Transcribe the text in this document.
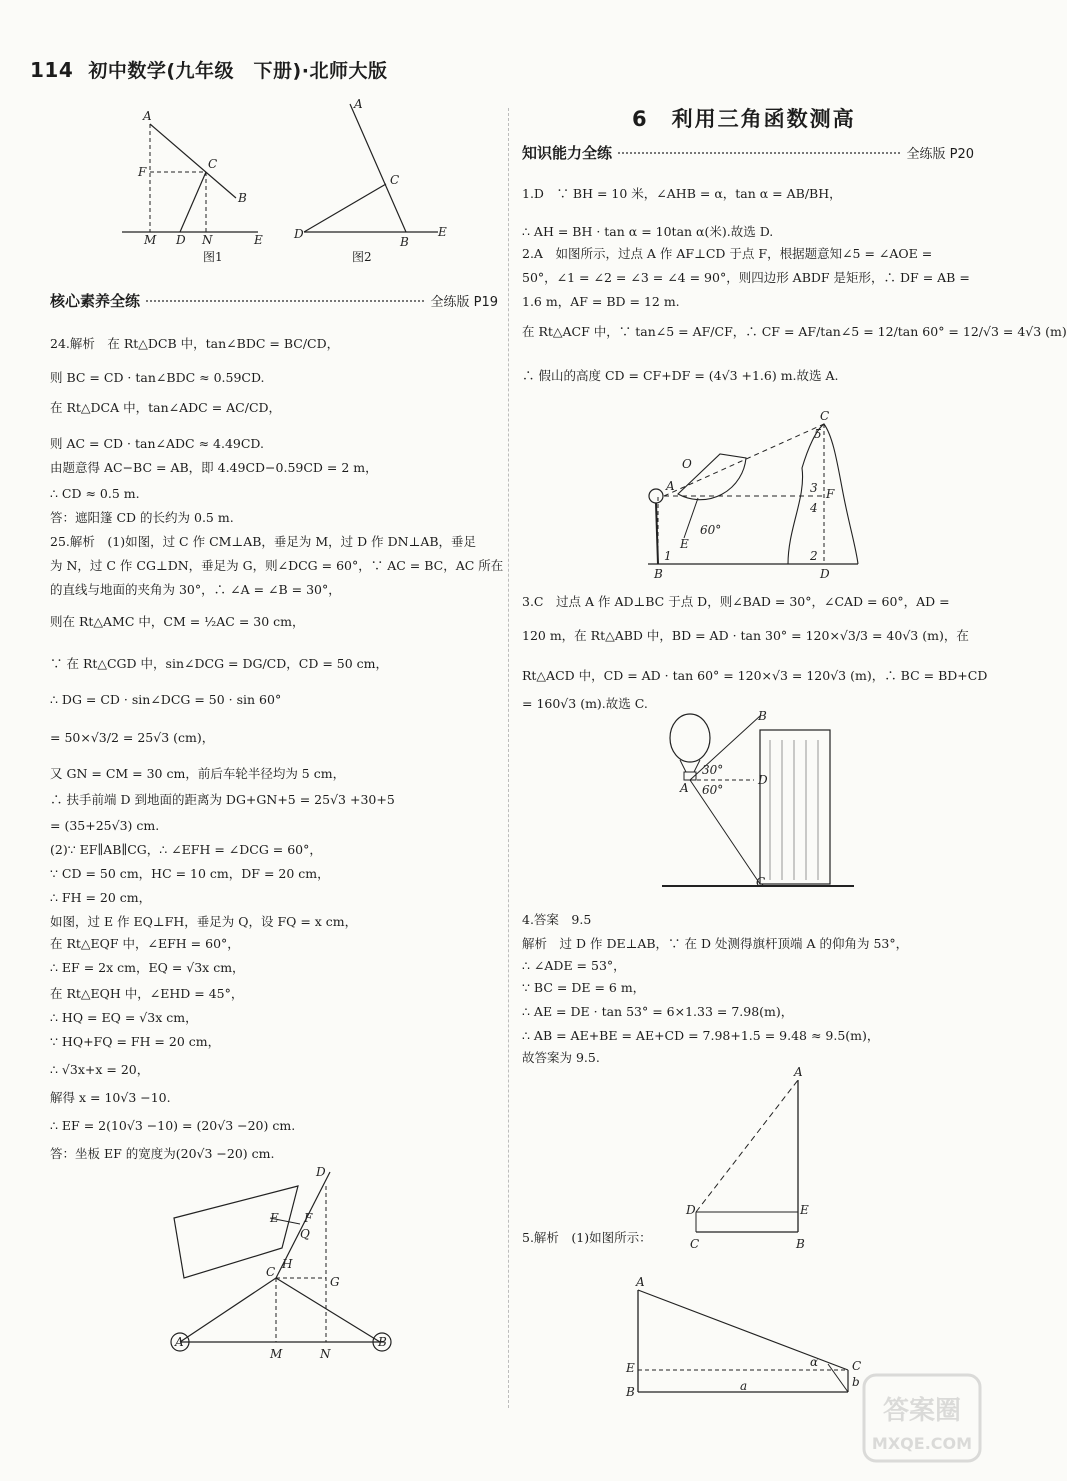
114 初中数学(九年级　下册)·北师大版
A
C
F
B
M D N	E
图1
A
C
D
B
E
图2
核心素养全练	全练版 P19
24.解析　在 Rt△DCB 中，tan∠BDC = BC/CD，
则 BC = CD · tan∠BDC ≈ 0.59CD.
在 Rt△DCA 中，tan∠ADC = AC/CD，
则 AC = CD · tan∠ADC ≈ 4.49CD.
由题意得 AC−BC = AB，即 4.49CD−0.59CD = 2 m，
∴ CD ≈ 0.5 m.
答：遮阳篷 CD 的长约为 0.5 m.
25.解析　(1)如图，过 C 作 CM⊥AB，垂足为 M，过 D 作 DN⊥AB，垂足
为 N，过 C 作 CG⊥DN，垂足为 G，则∠DCG = 60°，∵ AC = BC，AC 所在
的直线与地面的夹角为 30°，∴ ∠A = ∠B = 30°，
则在 Rt△AMC 中，CM = ½AC = 30 cm，
∵ 在 Rt△CGD 中，sin∠DCG = DG/CD，CD = 50 cm，
∴ DG = CD · sin∠DCG = 50 · sin 60°
= 50×√3/2 = 25√3 (cm)，
又 GN = CM = 30 cm，前后车轮半径均为 5 cm，
∴ 扶手前端 D 到地面的距离为 DG+GN+5 = 25√3 +30+5
= (35+25√3) cm.
(2)∵ EF∥AB∥CG，∴ ∠EFH = ∠DCG = 60°，
∵ CD = 50 cm，HC = 10 cm，DF = 20 cm，
∴ FH = 20 cm，
如图，过 E 作 EQ⊥FH，垂足为 Q，设 FQ = x cm，
在 Rt△EQF 中，∠EFH = 60°，
∴ EF = 2x cm，EQ = √3x cm，
在 Rt△EQH 中，∠EHD = 45°，
∴ HQ = EQ = √3x cm，
∵ HQ+FQ = FH = 20 cm，
∴ √3x+x = 20，
解得 x = 10√3 −10.
∴ EF = 2(10√3 −10) = (20√3 −20) cm.
答：坐板 EF 的宽度为(20√3 −20) cm.
D
E F
Q
C
H
G
A	B
M	N
6　利用三角函数测高
知识能力全练	全练版 P20
1.D　∵ BH = 10 米，∠AHB = α，tan α = AB/BH，
∴ AH = BH · tan α = 10tan α(米).故选 D.
2.A　如图所示，过点 A 作 AF⊥CD 于点 F，根据题意知∠5 = ∠AOE =
50°，∠1 = ∠2 = ∠3 = ∠4 = 90°，则四边形 ABDF 是矩形，∴ DF = AB =
1.6 m，AF = BD = 12 m.
在 Rt△ACF 中，∵ tan∠5 = AF/CF，∴ CF = AF/tan∠5 = 12/tan 60° = 12/√3 = 4√3 (m)
∴ 假山的高度 CD = CF+DF = (4√3 +1.6) m.故选 A.
3.C　过点 A 作 AD⊥BC 于点 D，则∠BAD = 30°，∠CAD = 60°，AD =
120 m，在 Rt△ABD 中，BD = AD · tan 30° = 120×√3/3 = 40√3 (m)，在
Rt△ACD 中，CD = AD · tan 60° = 120×√3 = 120√3 (m)，∴ BC = BD+CD
= 160√3 (m).故选 C.
4.答案　9.5
解析　过 D 作 DE⊥AB，∵ 在 D 处测得旗杆顶端 A 的仰角为 53°，
∴ ∠ADE = 53°，
∵ BC = DE = 6 m，
∴ AE = DE · tan 53° = 6×1.33 = 7.98(m)，
∴ AB = AE+BE = AE+CD = 7.98+1.5 = 9.48 ≈ 9.5(m)，
故答案为 9.5.
5.解析　(1)如图所示：
C
A
O
E
60°
F
B	D
1	2
3
4
5
B
A
30°
60°
D
C
A
D	E
C	B
A
E
B
C
b
a
α
答案圈
MXQE.COM
